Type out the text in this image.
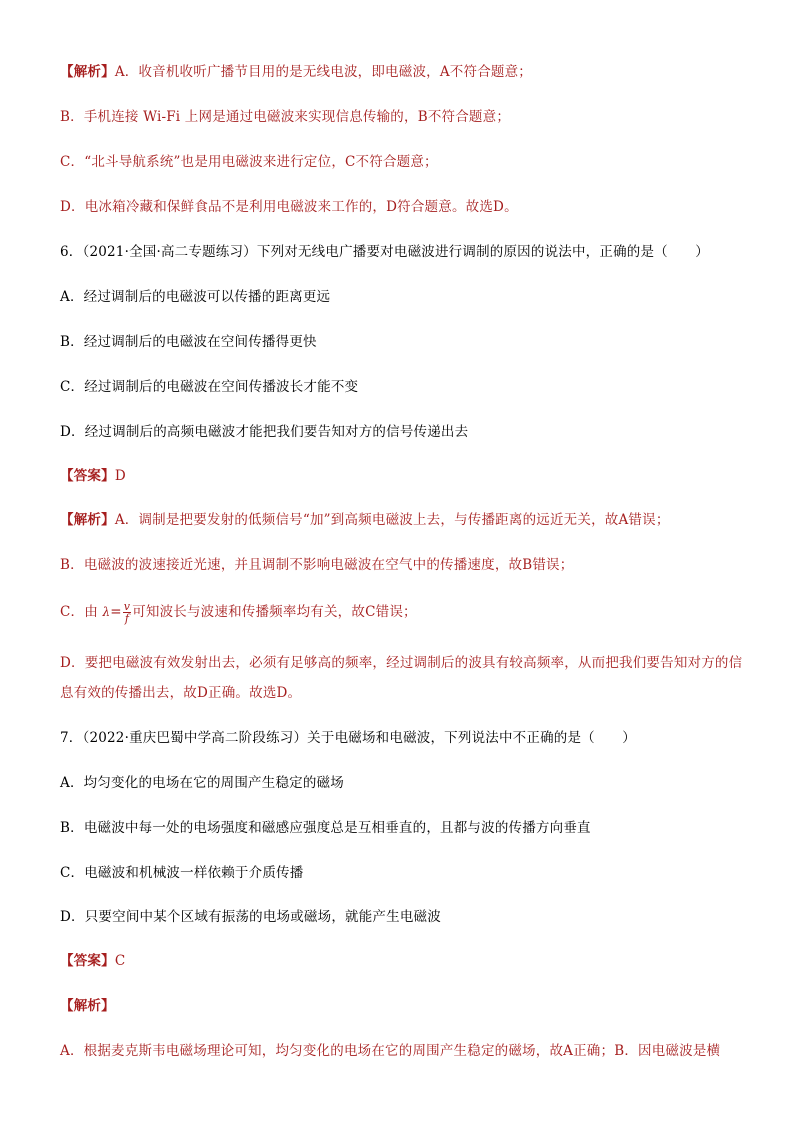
【解析】A．收音机收听广播节目用的是无线电波，即电磁波，A不符合题意；
B．手机连接 Wi-Fi 上网是通过电磁波来实现信息传输的，B不符合题意；
C．“北斗导航系统”也是用电磁波来进行定位，C不符合题意；
D．电冰箱冷藏和保鲜食品不是利用电磁波来工作的，D符合题意。故选D。
6．（2021·全国·高二专题练习）下列对无线电广播要对电磁波进行调制的原因的说法中，正确的是（　　）
A．经过调制后的电磁波可以传播的距离更远
B．经过调制后的电磁波在空间传播得更快
C．经过调制后的电磁波在空间传播波长才能不变
D．经过调制后的高频电磁波才能把我们要告知对方的信号传递出去
【答案】D
【解析】A．调制是把要发射的低频信号“加”到高频电磁波上去，与传播距离的远近无关，故A错误；
B．电磁波的波速接近光速，并且调制不影响电磁波在空气中的传播速度，故B错误；
C．由 $\lambda= \frac{v}{f}$ 可知波长与波速和传播频率均有关，故C错误；
D．要把电磁波有效发射出去，必须有足够高的频率，经过调制后的波具有较高频率，从而把我们要告知对方的信息有效的传播出去，故D正确。故选D。
7．（2022·重庆巴蜀中学高二阶段练习）关于电磁场和电磁波，下列说法中不正确的是（　　）
A．均匀变化的电场在它的周围产生稳定的磁场
B．电磁波中每一处的电场强度和磁感应强度总是互相垂直的，且都与波的传播方向垂直
C．电磁波和机械波一样依赖于介质传播
D．只要空间中某个区域有振荡的电场或磁场，就能产生电磁波
【答案】C
【解析】
A．根据麦克斯韦电磁场理论可知，均匀变化的电场在它的周围产生稳定的磁场，故A正确；B．因电磁波是横
